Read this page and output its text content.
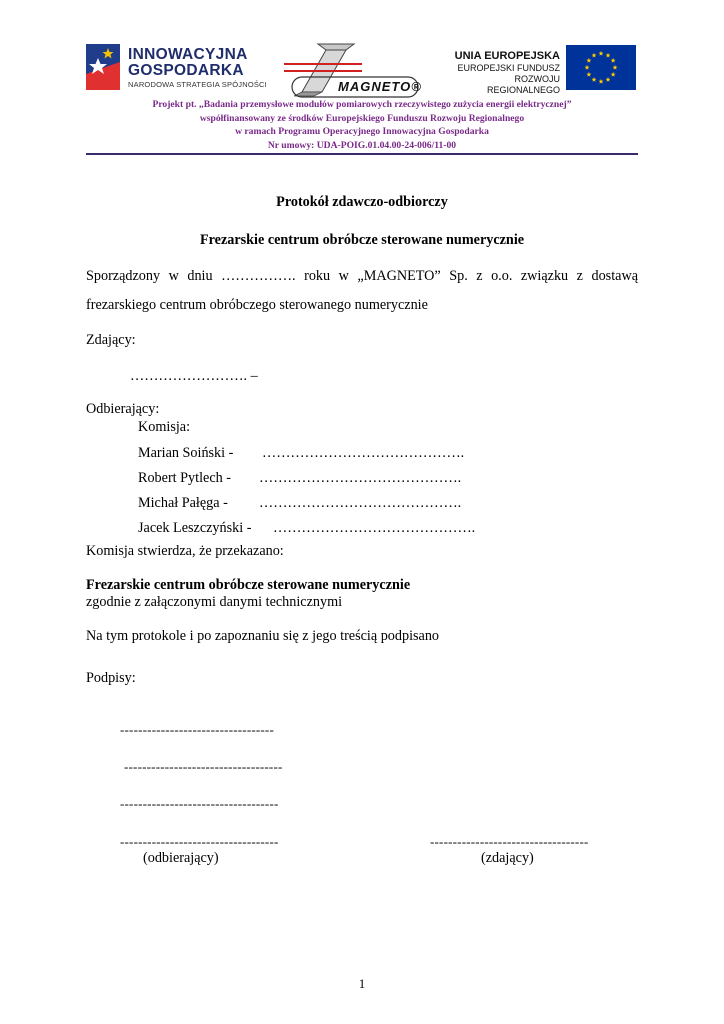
INNOWACYJNA
GOSPODARKA
NARODOWA STRATEGIA SPÓJNOŚCI	MAGNETO®
UNIA EUROPEJSKA
EUROPEJSKI FUNDUSZ
ROZWOJU REGIONALNEGO
Projekt pt. „Badania przemysłowe modułów pomiarowych rzeczywistego zużycia energii elektrycznej”
współfinansowany ze środków Europejskiego Funduszu Rozwoju Regionalnego
w ramach Programu Operacyjnego Innowacyjna Gospodarka
Nr umowy: UDA-POIG.01.04.00-24-006/11-00
Protokół zdawczo-odbiorczy
Frezarskie centrum obróbcze sterowane numerycznie
Sporządzony w dniu ……………. roku w „MAGNETO” Sp. z o.o. związku z dostawą
frezarskiego centrum obróbczego sterowanego numerycznie
Zdający:
……………………. –
Odbierający:
Komisja:
Marian Soiński - …………………………………….
Robert Pytlech - …………………………………….
Michał Pałęga - …………………………………….
Jacek Leszczyński - …………………………………….
Komisja stwierdza, że przekazano:
Frezarskie centrum obróbcze sterowane numerycznie
zgodnie z załączonymi danymi technicznymi
Na tym protokole i po zapoznaniu się z jego treścią podpisano
Podpisy:
----------------------------------
-----------------------------------
-----------------------------------
-----------------------------------	-----------------------------------
(odbierający)	(zdający)
1
